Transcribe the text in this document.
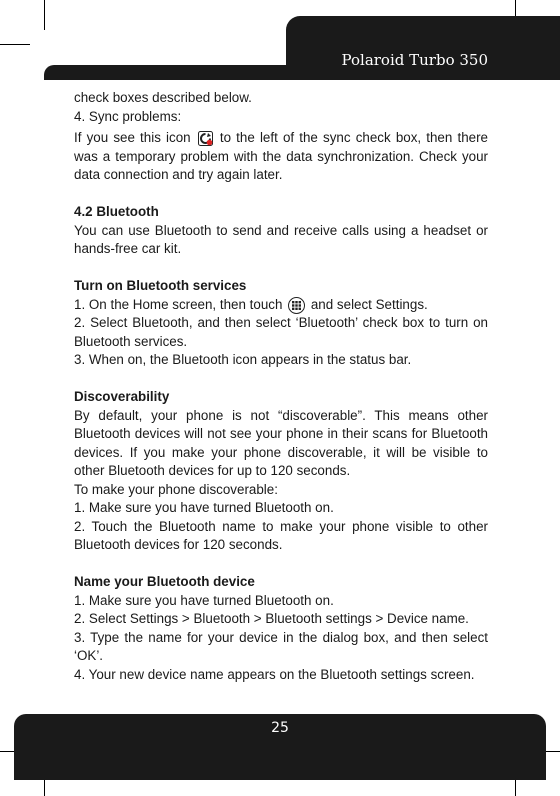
Polaroid Turbo 350

check boxes described below.

4. Sync problems:

If you see this icon  to the left of the sync check box, then there was a temporary problem with the data synchronization. Check your data connection and try again later.

4.2 Bluetooth

You can use Bluetooth to send and receive calls using a headset or hands-free car kit.

Turn on Bluetooth services

1. On the Home screen, then touch  and select Settings.

2. Select Bluetooth, and then select ‘Bluetooth’ check box to turn on Bluetooth services.

3. When on, the Bluetooth icon appears in the status bar.

Discoverability

By default, your phone is not “discoverable”. This means other Bluetooth devices will not see your phone in their scans for Bluetooth devices. If you make your phone discoverable, it will be visible to other Bluetooth devices for up to 120 seconds.

To make your phone discoverable:

1. Make sure you have turned Bluetooth on.

2. Touch the Bluetooth name to make your phone visible to other Bluetooth devices for 120 seconds.

Name your Bluetooth device

1. Make sure you have turned Bluetooth on.

2. Select Settings > Bluetooth > Bluetooth settings > Device name.

3. Type the name for your device in the dialog box, and then select ‘OK’.

4. Your new device name appears on the Bluetooth settings screen.

25
